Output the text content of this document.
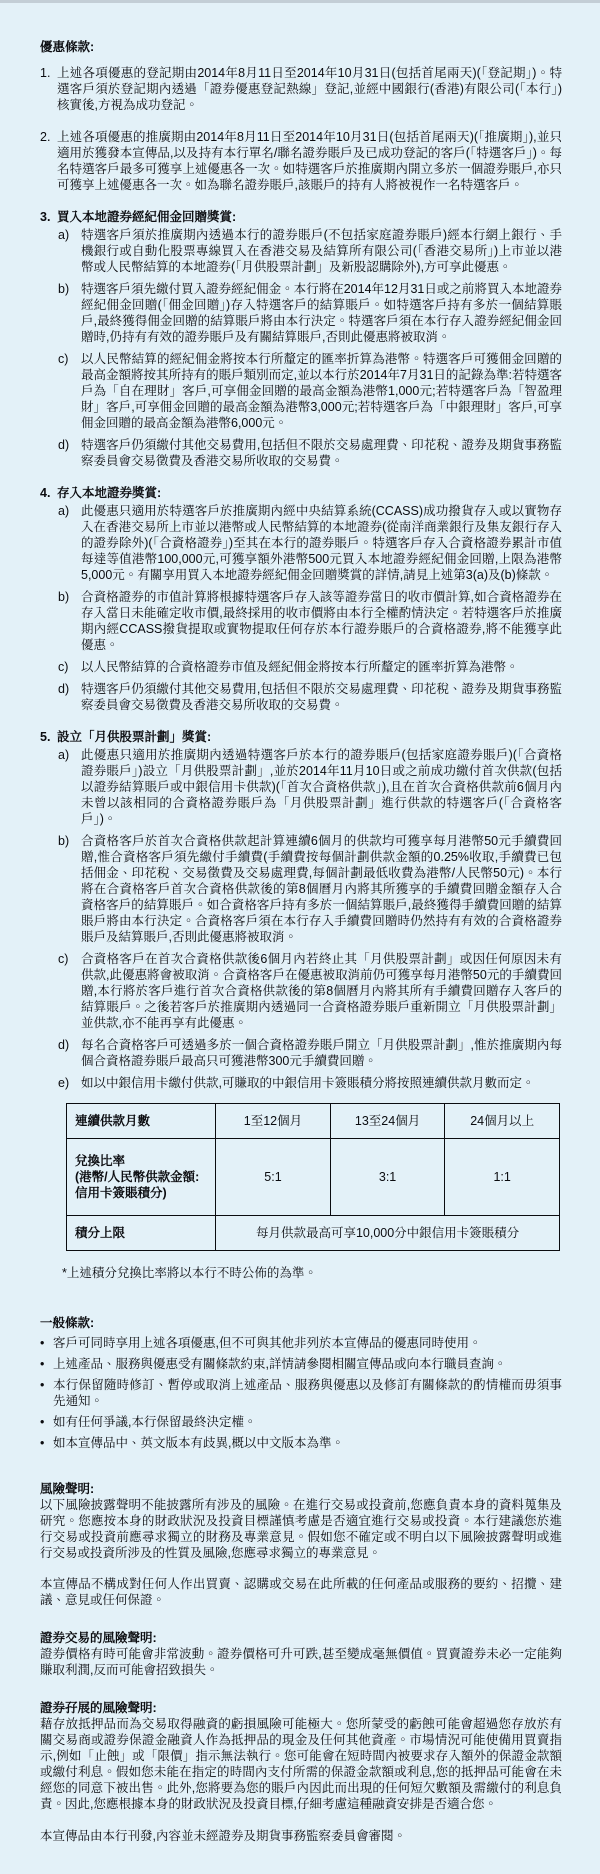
優惠條款:
1. 上述各項優惠的登記期由2014年8月11日至2014年10月31日(包括首尾兩天)(「登記期」)。特選客戶須於登記期內透過「證券優惠登記熱線」登記,並經中國銀行(香港)有限公司(「本行」)核實後,方視為成功登記。
2. 上述各項優惠的推廣期由2014年8月11日至2014年10月31日(包括首尾兩天)(「推廣期」),並只適用於獲發本宣傳品,以及持有本行單名/聯名證券賬戶及已成功登記的客戶(「特選客戶」)。每名特選客戶最多可獲享上述優惠各一次。如特選客戶於推廣期內開立多於一個證券賬戶,亦只可獲享上述優惠各一次。如為聯名證券賬戶,該賬戶的持有人將被視作一名特選客戶。
3. 買入本地證券經紀佣金回贈獎賞:
a) 特選客戶須於推廣期內透過本行的證券賬戶(不包括家庭證券賬戶)經本行網上銀行、手機銀行或自動化股票專線買入在香港交易及結算所有限公司(「香港交易所」)上市並以港幣或人民幣結算的本地證券(「月供股票計劃」及新股認購除外),方可享此優惠。
b) 特選客戶須先繳付買入證券經紀佣金。本行將在2014年12月31日或之前將買入本地證券經紀佣金回贈(「佣金回贈」)存入特選客戶的結算賬戶。如特選客戶持有多於一個結算賬戶,最終獲得佣金回贈的結算賬戶將由本行決定。特選客戶須在本行存入證券經紀佣金回贈時,仍持有有效的證券賬戶及有關結算賬戶,否則此優惠將被取消。
c)	以人民幣結算的經紀佣金將按本行所釐定的匯率折算為港幣。特選客戶可獲佣金回贈的最高金額將按其所持有的賬戶類別而定,並以本行於2014年7月31日的記錄為準:若特選客戶為「自在理財」客戶,可享佣金回贈的最高金額為港幣1,000元;若特選客戶為「智盈理財」客戶,可享佣金回贈的最高金額為港幣3,000元;若特選客戶為「中銀理財」客戶,可享佣金回贈的最高金額為港幣6,000元。
d) 特選客戶仍須繳付其他交易費用,包括但不限於交易處理費、印花稅、證券及期貨事務監察委員會交易徵費及香港交易所收取的交易費。
4. 存入本地證券獎賞:
a) 此優惠只適用於特選客戶於推廣期內經中央結算系統(CCASS)成功撥貨存入或以實物存入在香港交易所上市並以港幣或人民幣結算的本地證券(從南洋商業銀行及集友銀行存入的證券除外)(「合資格證券」)至其在本行的證券賬戶。特選客戶存入合資格證券累計市值每達等值港幣100,000元,可獲享額外港幣500元買入本地證券經紀佣金回贈,上限為港幣5,000元。有關享用買入本地證券經紀佣金回贈獎賞的詳情,請見上述第3(a)及(b)條款。
b) 合資格證券的市值計算將根據特選客戶存入該等證券當日的收市價計算,如合資格證券在存入當日未能確定收市價,最終採用的收市價將由本行全權酌情決定。若特選客戶於推廣期內經CCASS撥貨提取或實物提取任何存於本行證券賬戶的合資格證券,將不能獲享此優惠。
c)	以人民幣結算的合資格證券市值及經紀佣金將按本行所釐定的匯率折算為港幣。
d) 特選客戶仍須繳付其他交易費用,包括但不限於交易處理費、印花稅、證券及期貨事務監察委員會交易徵費及香港交易所收取的交易費。
5. 設立「月供股票計劃」獎賞:
a) 此優惠只適用於推廣期內透過特選客戶於本行的證券賬戶(包括家庭證券賬戶)(「合資格證券賬戶」)設立「月供股票計劃」,並於2014年11月10日或之前成功繳付首次供款(包括以證券結算賬戶或中銀信用卡供款)(「首次合資格供款」),且在首次合資格供款前6個月內未曾以該相同的合資格證券賬戶為「月供股票計劃」進行供款的特選客戶(「合資格客戶」)。
b) 合資格客戶於首次合資格供款起計算連續6個月的供款均可獲享每月港幣50元手續費回贈,惟合資格客戶須先繳付手續費(手續費按每個計劃供款金額的0.25%收取,手續費已包括佣金、印花稅、交易徵費及交易處理費,每個計劃最低收費為港幣/人民幣50元)。本行將在合資格客戶首次合資格供款後的第8個曆月內將其所獲享的手續費回贈金額存入合資格客戶的結算賬戶。如合資格客戶持有多於一個結算賬戶,最終獲得手續費回贈的結算賬戶將由本行決定。合資格客戶須在本行存入手續費回贈時仍然持有有效的合資格證券賬戶及結算賬戶,否則此優惠將被取消。
c)	合資格客戶在首次合資格供款後6個月內若終止其「月供股票計劃」或因任何原因未有供款,此優惠將會被取消。合資格客戶在優惠被取消前仍可獲享每月港幣50元的手續費回贈,本行將於客戶進行首次合資格供款後的第8個曆月內將其所有手續費回贈存入客戶的結算賬戶。之後若客戶於推廣期內透過同一合資格證券賬戶重新開立「月供股票計劃」並供款,亦不能再享有此優惠。
d) 每名合資格客戶可透過多於一個合資格證券賬戶開立「月供股票計劃」,惟於推廣期內每個合資格證券賬戶最高只可獲港幣300元手續費回贈。
e) 如以中銀信用卡繳付供款,可賺取的中銀信用卡簽賬積分將按照連續供款月數而定。
連續供款月數	1至12個月	13至24個月	24個月以上

兌換比率
(港幣/人民幣供款金額:
信用卡簽賬積分)	5:1	3:1	1:1
積分上限	每月供款最高可享10,000分中銀信用卡簽賬積分		
*上述積分兌換比率將以本行不時公佈的為準。
一般條款:
• 客戶可同時享用上述各項優惠,但不可與其他非列於本宣傳品的優惠同時使用。
• 上述產品、服務與優惠受有關條款約束,詳情請參閱相關宣傳品或向本行職員查詢。
• 本行保留隨時修訂、暫停或取消上述產品、服務與優惠以及修訂有關條款的酌情權而毋須事先通知。
• 如有任何爭議,本行保留最終決定權。
• 如本宣傳品中、英文版本有歧異,概以中文版本為準。
風險聲明:
以下風險披露聲明不能披露所有涉及的風險。在進行交易或投資前,您應負責本身的資料蒐集及研究。您應按本身的財政狀況及投資目標謹慎考慮是否適宜進行交易或投資。本行建議您於進行交易或投資前應尋求獨立的財務及專業意見。假如您不確定或不明白以下風險披露聲明或進行交易或投資所涉及的性質及風險,您應尋求獨立的專業意見。
本宣傳品不構成對任何人作出買賣、認購或交易在此所載的任何產品或服務的要約、招攬、建議、意見或任何保證。
證券交易的風險聲明:
證券價格有時可能會非常波動。證券價格可升可跌,甚至變成毫無價值。買賣證券未必一定能夠賺取利潤,反而可能會招致損失。
證券孖展的風險聲明:
藉存放抵押品而為交易取得融資的虧損風險可能極大。您所蒙受的虧蝕可能會超過您存放於有關交易商或證券保證金融資人作為抵押品的現金及任何其他資產。市場情況可能使備用買賣指示,例如「止蝕」或「限價」指示無法執行。您可能會在短時間內被要求存入額外的保證金款額或繳付利息。假如您未能在指定的時間內支付所需的保證金款額或利息,您的抵押品可能會在未經您的同意下被出售。此外,您將要為您的賬戶內因此而出現的任何短欠數額及需繳付的利息負責。因此,您應根據本身的財政狀況及投資目標,仔細考慮這種融資安排是否適合您。
本宣傳品由本行刊發,內容並未經證券及期貨事務監察委員會審閱。
